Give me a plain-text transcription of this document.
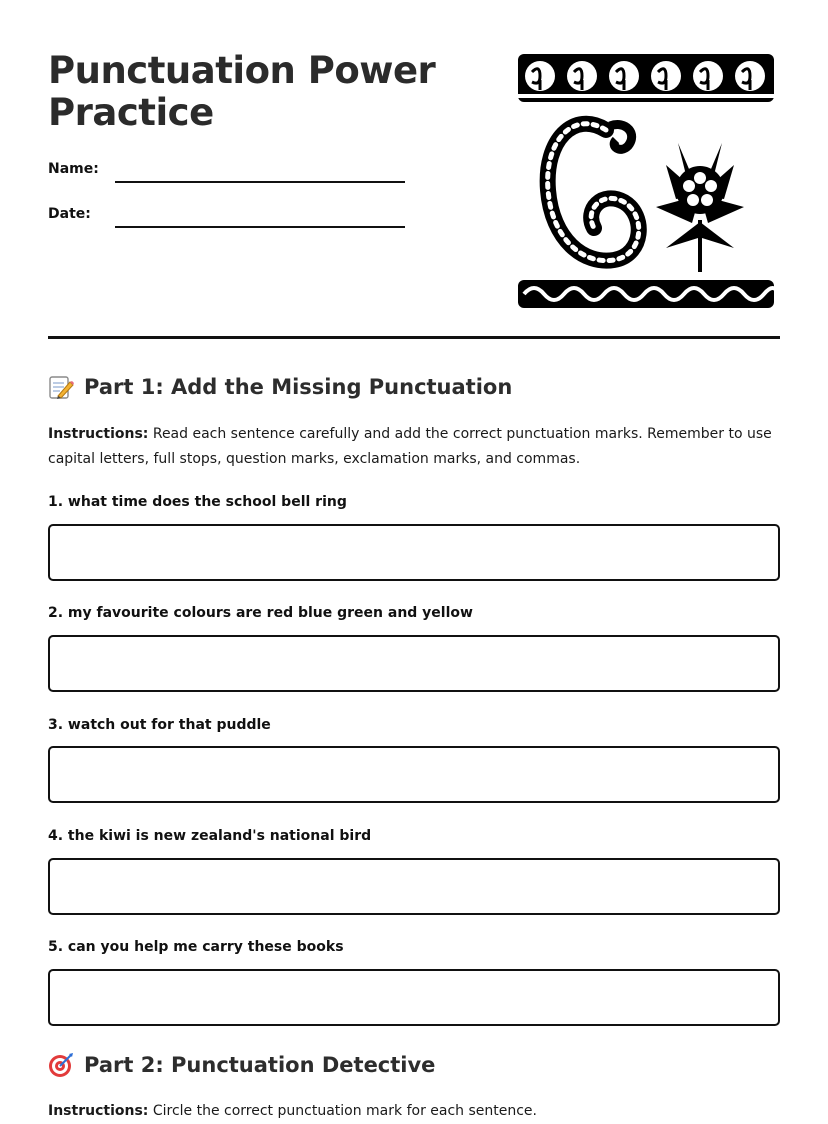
Punctuation Power Practice
Name:
Date:
Part 1: Add the Missing Punctuation
Instructions: Read each sentence carefully and add the correct punctuation marks. Remember to use capital letters, full stops, question marks, exclamation marks, and commas.
1. what time does the school bell ring
2. my favourite colours are red blue green and yellow
3. watch out for that puddle
4. the kiwi is new zealand's national bird
5. can you help me carry these books
Part 2: Punctuation Detective
Instructions: Circle the correct punctuation mark for each sentence.
